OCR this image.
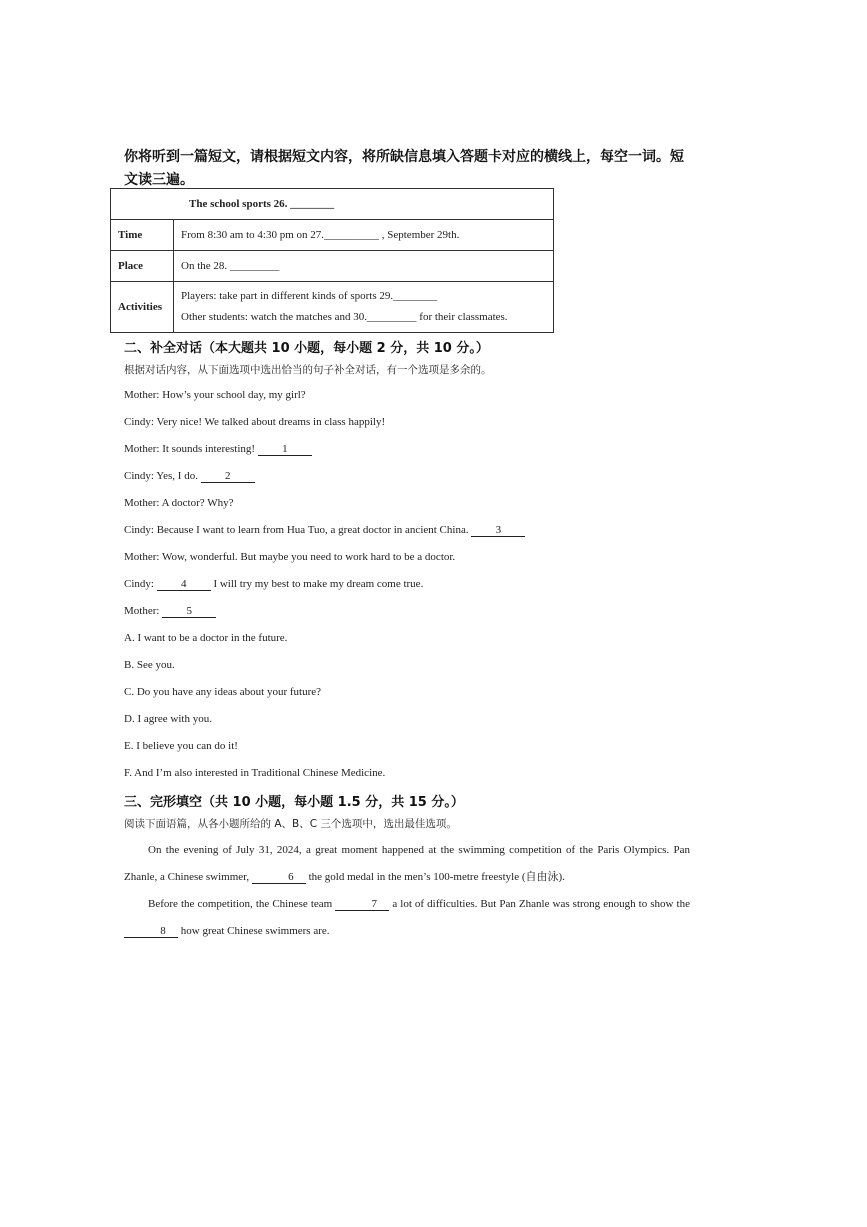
你将听到一篇短文，请根据短文内容，将所缺信息填入答题卡对应的横线上，每空一词。短文读三遍。
The school sports 26. ________	
Time	From 8:30 am to 4:30 pm on 27.__________ , September 29th.
Place	On the 28. _________
Activities	Players: take part in different kinds of sports 29.________
Other students: watch the matches and 30._________ for their classmates.
二、补全对话（本大题共 10 小题，每小题 2 分，共 10 分。）
根据对话内容，从下面选项中选出恰当的句子补全对话，有一个选项是多余的。
Mother: How’s your school day, my girl?
Cindy: Very nice! We talked about dreams in class happily!
Mother: It sounds interesting! 1
Cindy: Yes, I do. 2
Mother: A doctor? Why?
Cindy: Because I want to learn from Hua Tuo, a great doctor in ancient China. 3
Mother: Wow, wonderful. But maybe you need to work hard to be a doctor.
Cindy: 4 I will try my best to make my dream come true.
Mother: 5
A. I want to be a doctor in the future.
B. See you.
C. Do you have any ideas about your future?
D. I agree with you.
E. I believe you can do it!
F. And I’m also interested in Traditional Chinese Medicine.
三、完形填空（共 10 小题，每小题 1.5 分，共 15 分。）
阅读下面语篇，从各小题所给的 A、B、C 三个选项中，选出最佳选项。
On the evening of July 31, 2024, a great moment happened at the swimming competition of the Paris Olympics. Pan Zhanle, a Chinese swimmer,	6 the gold medal in the men’s 100-metre freestyle (自由泳).
Before the competition, the Chinese team	7 a lot of difficulties. But Pan Zhanle was strong enough to show the 8 how great Chinese swimmers are.
